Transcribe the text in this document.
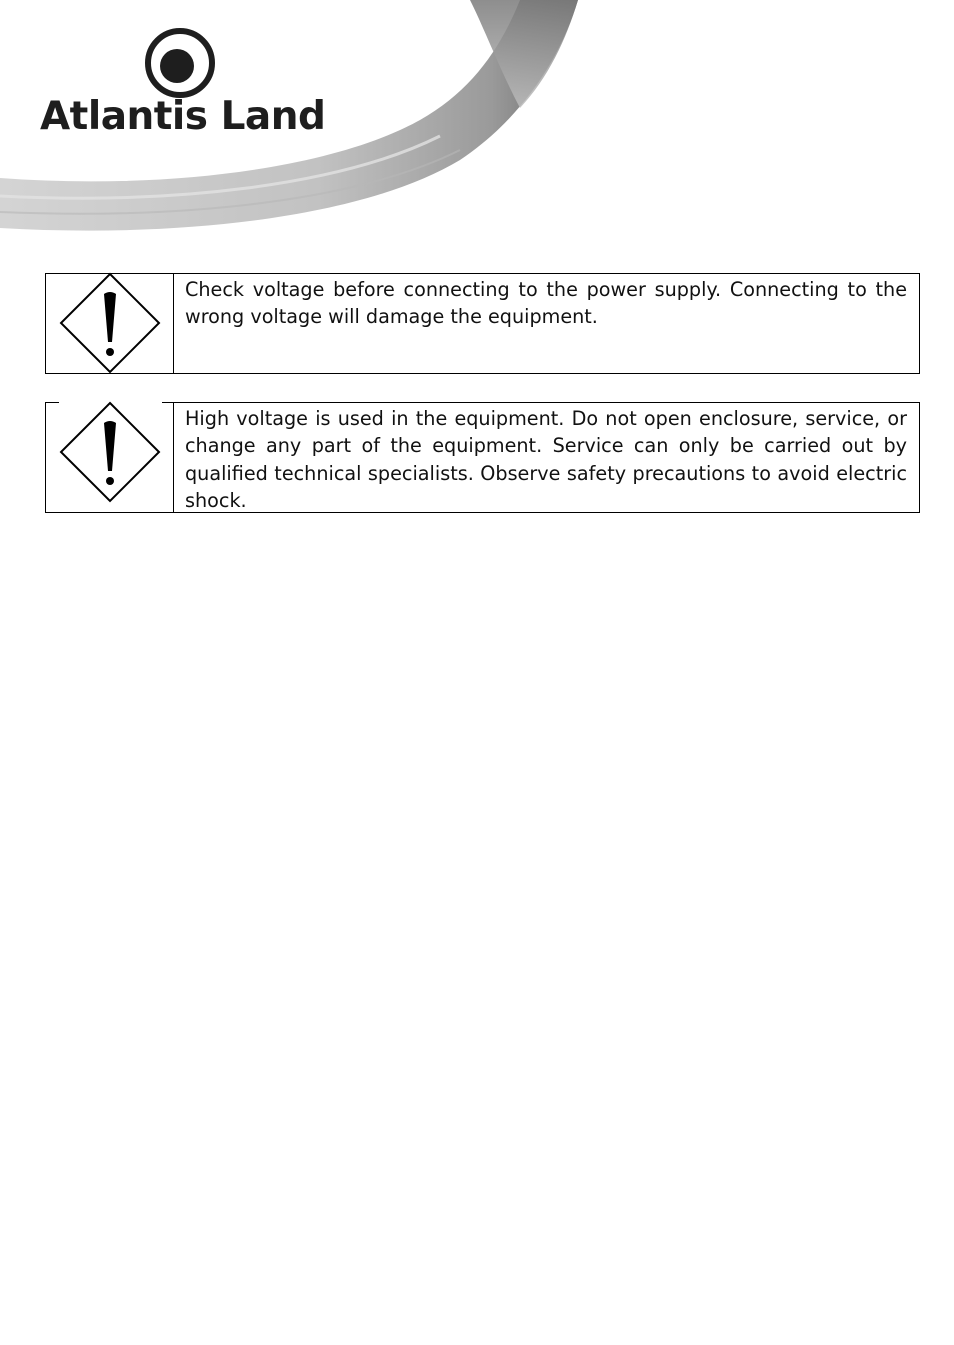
Atlantis Land
Check voltage before connecting to the power supply. Connecting to the wrong voltage will damage the equipment.
High voltage is used in the equipment. Do not open enclosure, service, or change any part of the equipment. Service can only be carried out by qualified technical specialists. Observe safety precautions to avoid electric shock.
